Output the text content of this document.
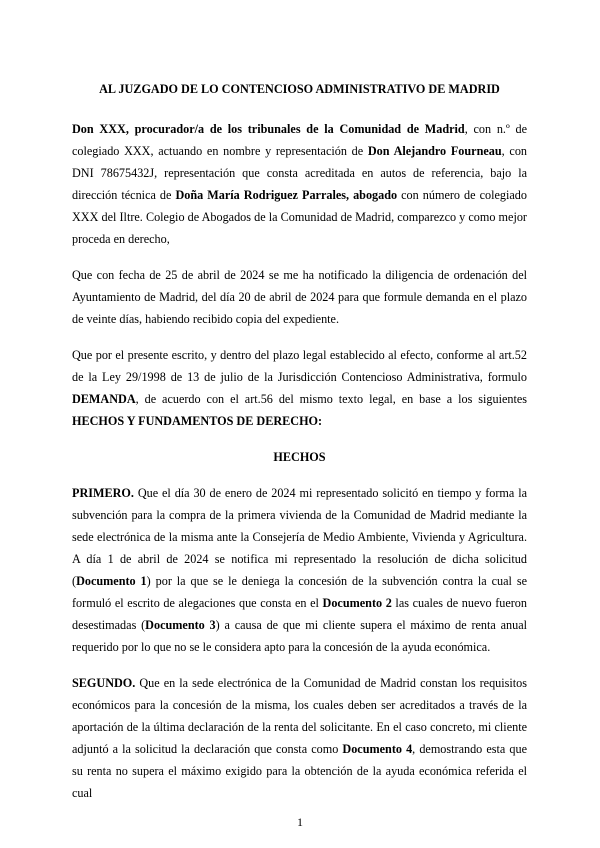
AL JUZGADO DE LO CONTENCIOSO ADMINISTRATIVO DE MADRID

Don XXX, procurador/a de los tribunales de la Comunidad de Madrid, con n.º de colegiado XXX, actuando en nombre y representación de Don Alejandro Fourneau, con DNI 78675432J, representación que consta acreditada en autos de referencia, bajo la dirección técnica de Doña María Rodriguez Parrales, abogado con número de colegiado XXX del Iltre. Colegio de Abogados de la Comunidad de Madrid, comparezco y como mejor proceda en derecho,

Que con fecha de 25 de abril de 2024 se me ha notificado la diligencia de ordenación del Ayuntamiento de Madrid, del día 20 de abril de 2024 para que formule demanda en el plazo de veinte días, habiendo recibido copia del expediente.

Que por el presente escrito, y dentro del plazo legal establecido al efecto, conforme al art.52 de la Ley 29/1998 de 13 de julio de la Jurisdicción Contencioso Administrativa, formulo DEMANDA, de acuerdo con el art.56 del mismo texto legal, en base a los siguientes HECHOS Y FUNDAMENTOS DE DERECHO:

HECHOS

PRIMERO. Que el día 30 de enero de 2024 mi representado solicitó en tiempo y forma la subvención para la compra de la primera vivienda de la Comunidad de Madrid mediante la sede electrónica de la misma ante la Consejería de Medio Ambiente, Vivienda y Agricultura. A día 1 de abril de 2024 se notifica mi representado la resolución de dicha solicitud (Documento 1) por la que se le deniega la concesión de la subvención contra la cual se formuló el escrito de alegaciones que consta en el Documento 2 las cuales de nuevo fueron desestimadas (Documento 3) a causa de que mi cliente supera el máximo de renta anual requerido por lo que no se le considera apto para la concesión de la ayuda económica.

SEGUNDO. Que en la sede electrónica de la Comunidad de Madrid constan los requisitos económicos para la concesión de la misma, los cuales deben ser acreditados a través de la aportación de la última declaración de la renta del solicitante. En el caso concreto, mi cliente adjuntó a la solicitud la declaración que consta como Documento 4, demostrando esta que su renta no supera el máximo exigido para la obtención de la ayuda económica referida el cual

1
